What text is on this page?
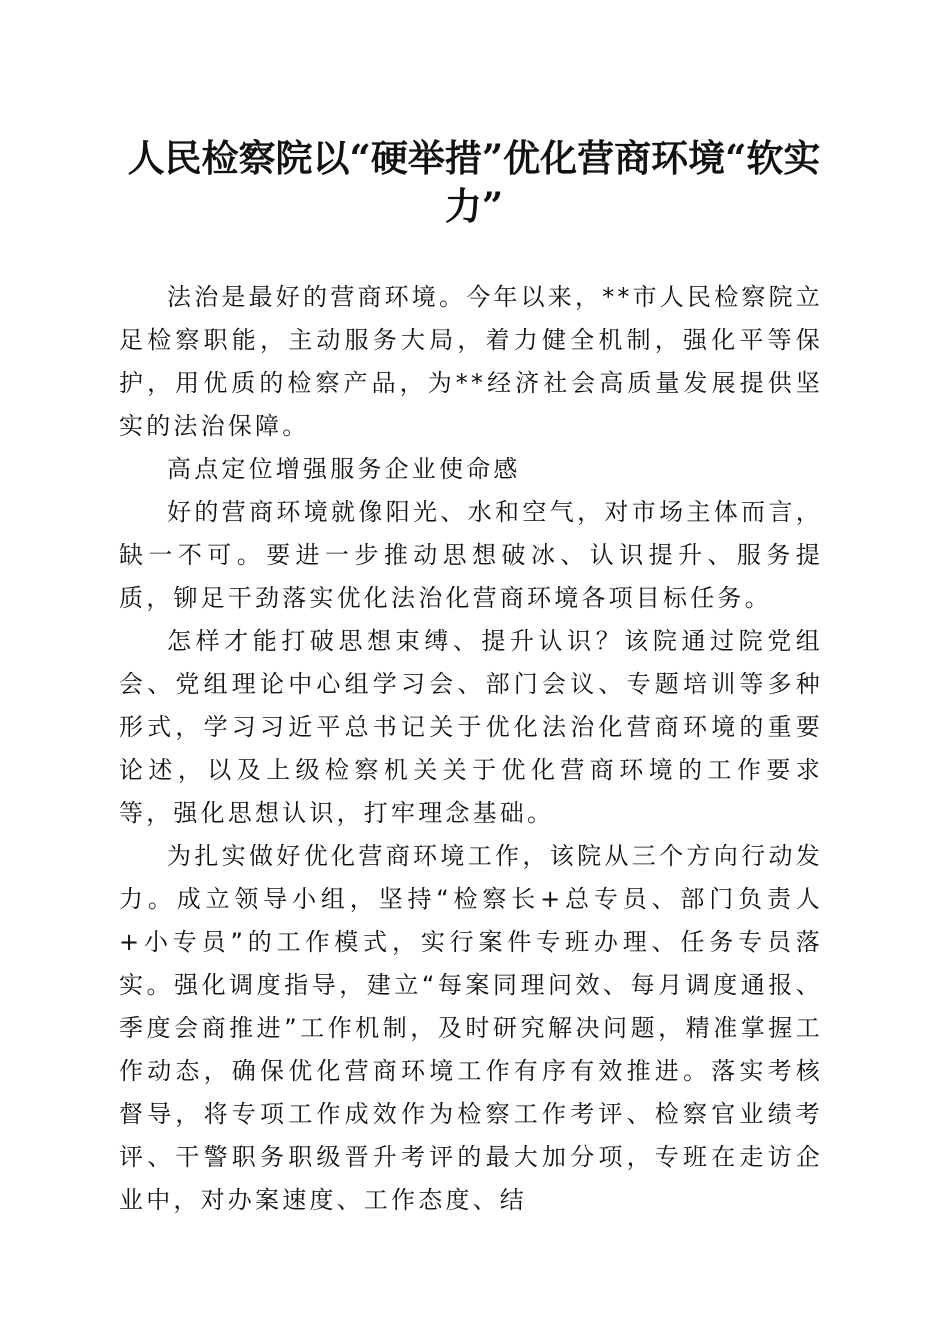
人民检察院以“硬举措”优化营商环境“软实力”

法治是最好的营商环境。今年以来，**市人民检察院立足检察职能，主动服务大局，着力健全机制，强化平等保护，用优质的检察产品，为**经济社会高质量发展提供坚实的法治保障。

高点定位增强服务企业使命感

好的营商环境就像阳光、水和空气，对市场主体而言，缺一不可。要进一步推动思想破冰、认识提升、服务提质，铆足干劲落实优化法治化营商环境各项目标任务。

怎样才能打破思想束缚、提升认识？该院通过院党组会、党组理论中心组学习会、部门会议、专题培训等多种形式，学习习近平总书记关于优化法治化营商环境的重要论述，以及上级检察机关关于优化营商环境的工作要求等，强化思想认识，打牢理念基础。

为扎实做好优化营商环境工作，该院从三个方向行动发力。成立领导小组，坚持“检察长+总专员、部门负责人+小专员”的工作模式，实行案件专班办理、任务专员落实。强化调度指导，建立“每案同理问效、每月调度通报、季度会商推进”工作机制，及时研究解决问题，精准掌握工作动态，确保优化营商环境工作有序有效推进。落实考核督导，将专项工作成效作为检察工作考评、检察官业绩考评、干警职务职级晋升考评的最大加分项，专班在走访企业中，对办案速度、工作态度、结
